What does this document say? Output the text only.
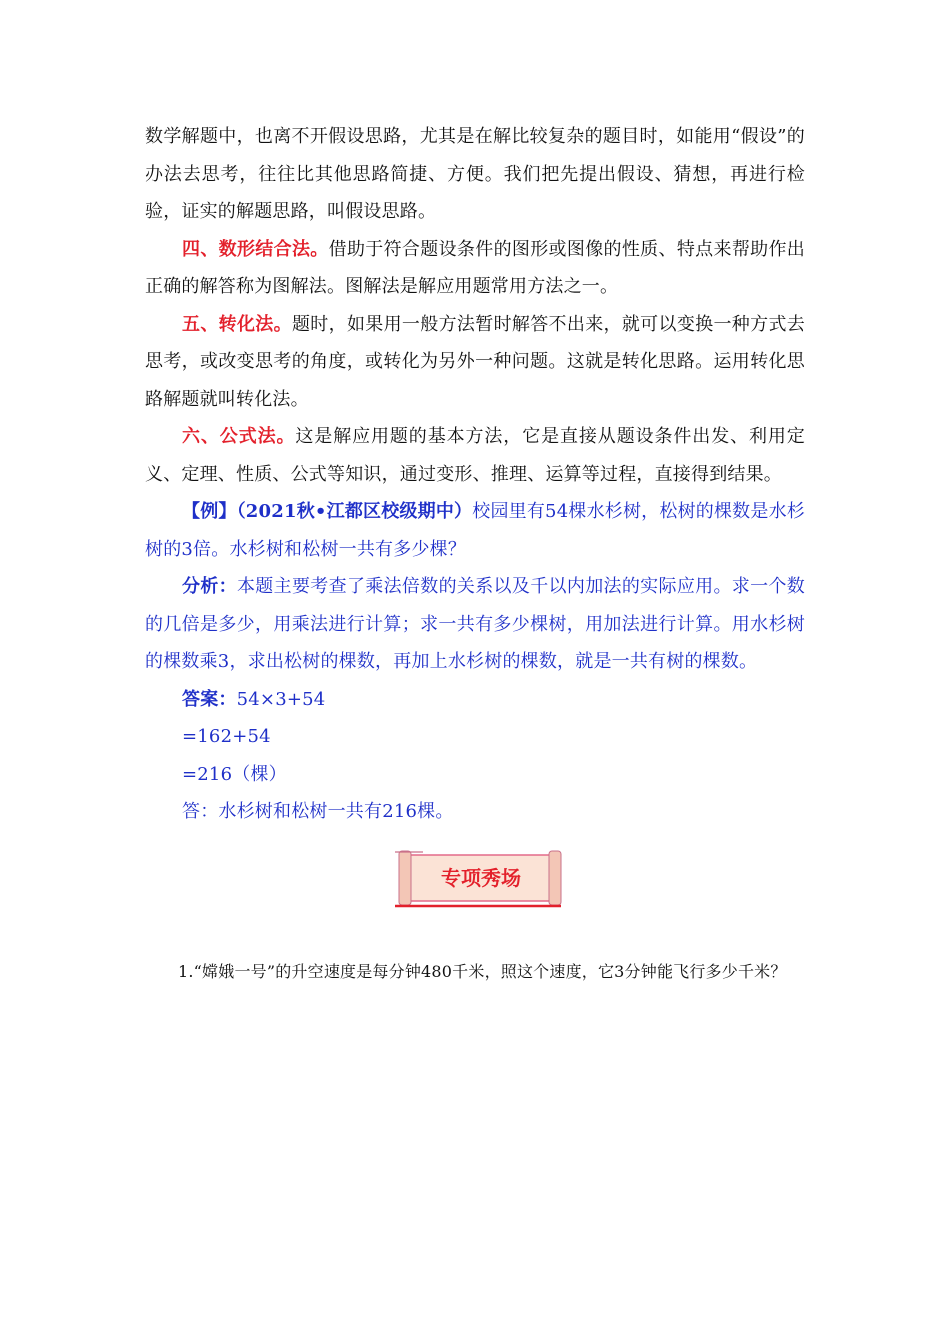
数学解题中，也离不开假设思路，尤其是在解比较复杂的题目时，如能用“假设”的办法去思考，往往比其他思路简捷、方便。我们把先提出假设、猜想，再进行检验，证实的解题思路，叫假设思路。

四、数形结合法。借助于符合题设条件的图形或图像的性质、特点来帮助作出正确的解答称为图解法。图解法是解应用题常用方法之一。

五、转化法。题时，如果用一般方法暂时解答不出来，就可以变换一种方式去思考，或改变思考的角度，或转化为另外一种问题。这就是转化思路。运用转化思路解题就叫转化法。

六、公式法。这是解应用题的基本方法，它是直接从题设条件出发、利用定义、定理、性质、公式等知识，通过变形、推理、运算等过程，直接得到结果。

【例】（2021秋•江都区校级期中）校园里有54棵水杉树，松树的棵数是水杉树的3倍。水杉树和松树一共有多少棵？

分析：本题主要考查了乘法倍数的关系以及千以内加法的实际应用。求一个数的几倍是多少，用乘法进行计算；求一共有多少棵树，用加法进行计算。用水杉树的棵数乘3，求出松树的棵数，再加上水杉树的棵数，就是一共有树的棵数。

答案：54×3+54

=162+54

=216（棵）

答：水杉树和松树一共有216棵。

专项秀场

1.“嫦娥一号”的升空速度是每分钟480千米，照这个速度，它3分钟能飞行多少千米？
